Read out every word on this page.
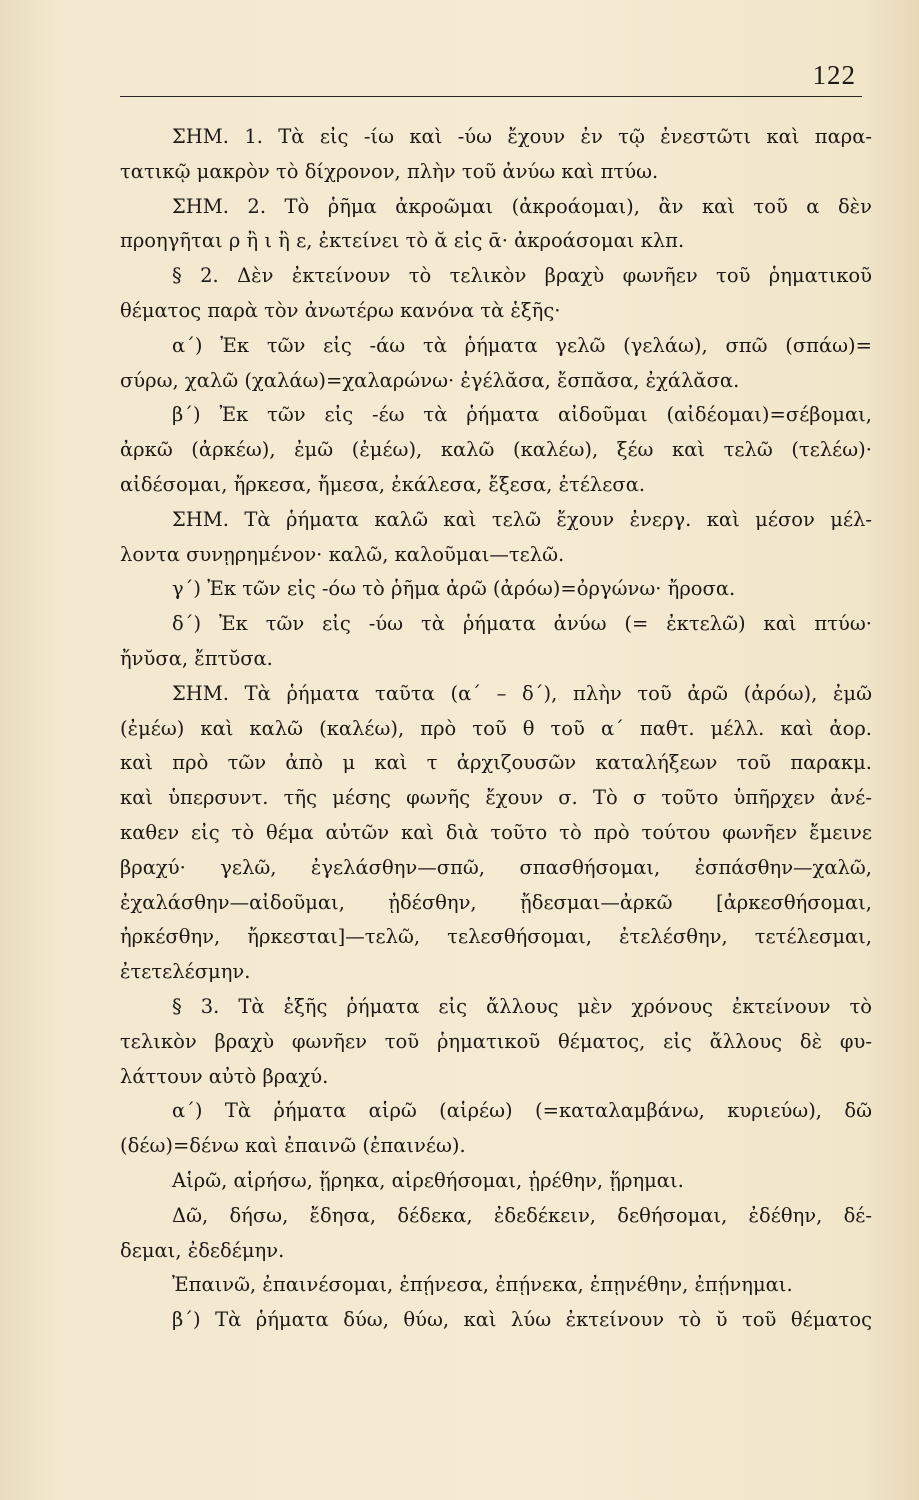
122
ΣΗΜ. 1. Τὰ εἰς -ίω καὶ -ύω ἔχουν ἐν τῷ ἐνεστῶτι καὶ παρα-
τατικῷ μακρὸν τὸ δίχρονον, πλὴν τοῦ ἀνύω καὶ πτύω.
ΣΗΜ. 2. Τὸ ῥῆμα ἀκροῶμαι (ἀκροάομαι), ἂν καὶ τοῦ α δὲν
προηγῆται ρ ἢ ι ἢ ε, ἐκτείνει τὸ ᾰ εἰς ᾱ· ἀκροάσομαι κλπ.
§ 2. Δὲν ἐκτείνουν τὸ τελικὸν βραχὺ φωνῆεν τοῦ ῥηματικοῦ
θέματος παρὰ τὸν ἀνωτέρω κανόνα τὰ ἑξῆς·
α΄) Ἐκ τῶν εἰς -άω τὰ ῥήματα γελῶ (γελάω), σπῶ (σπάω)=
σύρω, χαλῶ (χαλάω)=χαλαρώνω· ἐγέλᾰσα, ἔσπᾰσα, ἐχάλᾰσα.
β΄) Ἐκ τῶν εἰς -έω τὰ ῥήματα αἰδοῦμαι (αἰδέομαι)=σέβομαι,
ἀρκῶ (ἀρκέω), ἐμῶ (ἐμέω), καλῶ (καλέω), ξέω καὶ τελῶ (τελέω)·
αἰδέσομαι, ἤρκεσα, ἤμεσα, ἐκάλεσα, ἔξεσα, ἐτέλεσα.
ΣΗΜ. Τὰ ῥήματα καλῶ καὶ τελῶ ἔχουν ἐνεργ. καὶ μέσον μέλ-
λοντα συνῃρημένον· καλῶ, καλοῦμαι—τελῶ.
γ΄) Ἐκ τῶν εἰς -όω τὸ ῥῆμα ἀρῶ (ἀρόω)=ὀργώνω· ἤροσα.
δ΄) Ἐκ τῶν εἰς -ύω τὰ ῥήματα ἀνύω (= ἐκτελῶ) καὶ πτύω·
ἤνῠσα, ἔπτῠσα.
ΣΗΜ. Τὰ ῥήματα ταῦτα (α΄ – δ΄), πλὴν τοῦ ἀρῶ (ἀρόω), ἐμῶ
(ἐμέω) καὶ καλῶ (καλέω), πρὸ τοῦ θ τοῦ α΄ παθτ. μέλλ. καὶ ἀορ.
καὶ πρὸ τῶν ἀπὸ μ καὶ τ ἀρχιζουσῶν καταλήξεων τοῦ παρακμ.
καὶ ὑπερσυντ. τῆς μέσης φωνῆς ἔχουν σ. Τὸ σ τοῦτο ὑπῆρχεν ἀνέ-
καθεν εἰς τὸ θέμα αὐτῶν καὶ διὰ τοῦτο τὸ πρὸ τούτου φωνῆεν ἔμεινε
βραχύ· γελῶ, ἐγελάσθην—σπῶ, σπασθήσομαι, ἐσπάσθην—χαλῶ,
ἐχαλάσθην—αἰδοῦμαι, ᾐδέσθην, ᾔδεσμαι—ἀρκῶ [ἀρκεσθήσομαι,
ἠρκέσθην, ἤρκεσται]—τελῶ, τελεσθήσομαι, ἐτελέσθην, τετέλεσμαι,
ἐτετελέσμην.
§ 3. Τὰ ἑξῆς ῥήματα εἰς ἄλλους μὲν χρόνους ἐκτείνουν τὸ
τελικὸν βραχὺ φωνῆεν τοῦ ῥηματικοῦ θέματος, εἰς ἄλλους δὲ φυ-
λάττουν αὐτὸ βραχύ.
α΄) Τὰ ῥήματα αἱρῶ (αἱρέω) (=καταλαμβάνω, κυριεύω), δῶ
(δέω)=δένω καὶ ἐπαινῶ (ἐπαινέω).
Αἱρῶ, αἱρήσω, ᾕρηκα, αἱρεθήσομαι, ᾑρέθην, ᾕρημαι.
Δῶ, δήσω, ἔδησα, δέδεκα, ἐδεδέκειν, δεθήσομαι, ἐδέθην, δέ-
δεμαι, ἐδεδέμην.
Ἐπαινῶ, ἐπαινέσομαι, ἐπῄνεσα, ἐπῄνεκα, ἐπῃνέθην, ἐπῄνημαι.
β΄) Τὰ ῥήματα δύω, θύω, καὶ λύω ἐκτείνουν τὸ ῠ τοῦ θέματος
